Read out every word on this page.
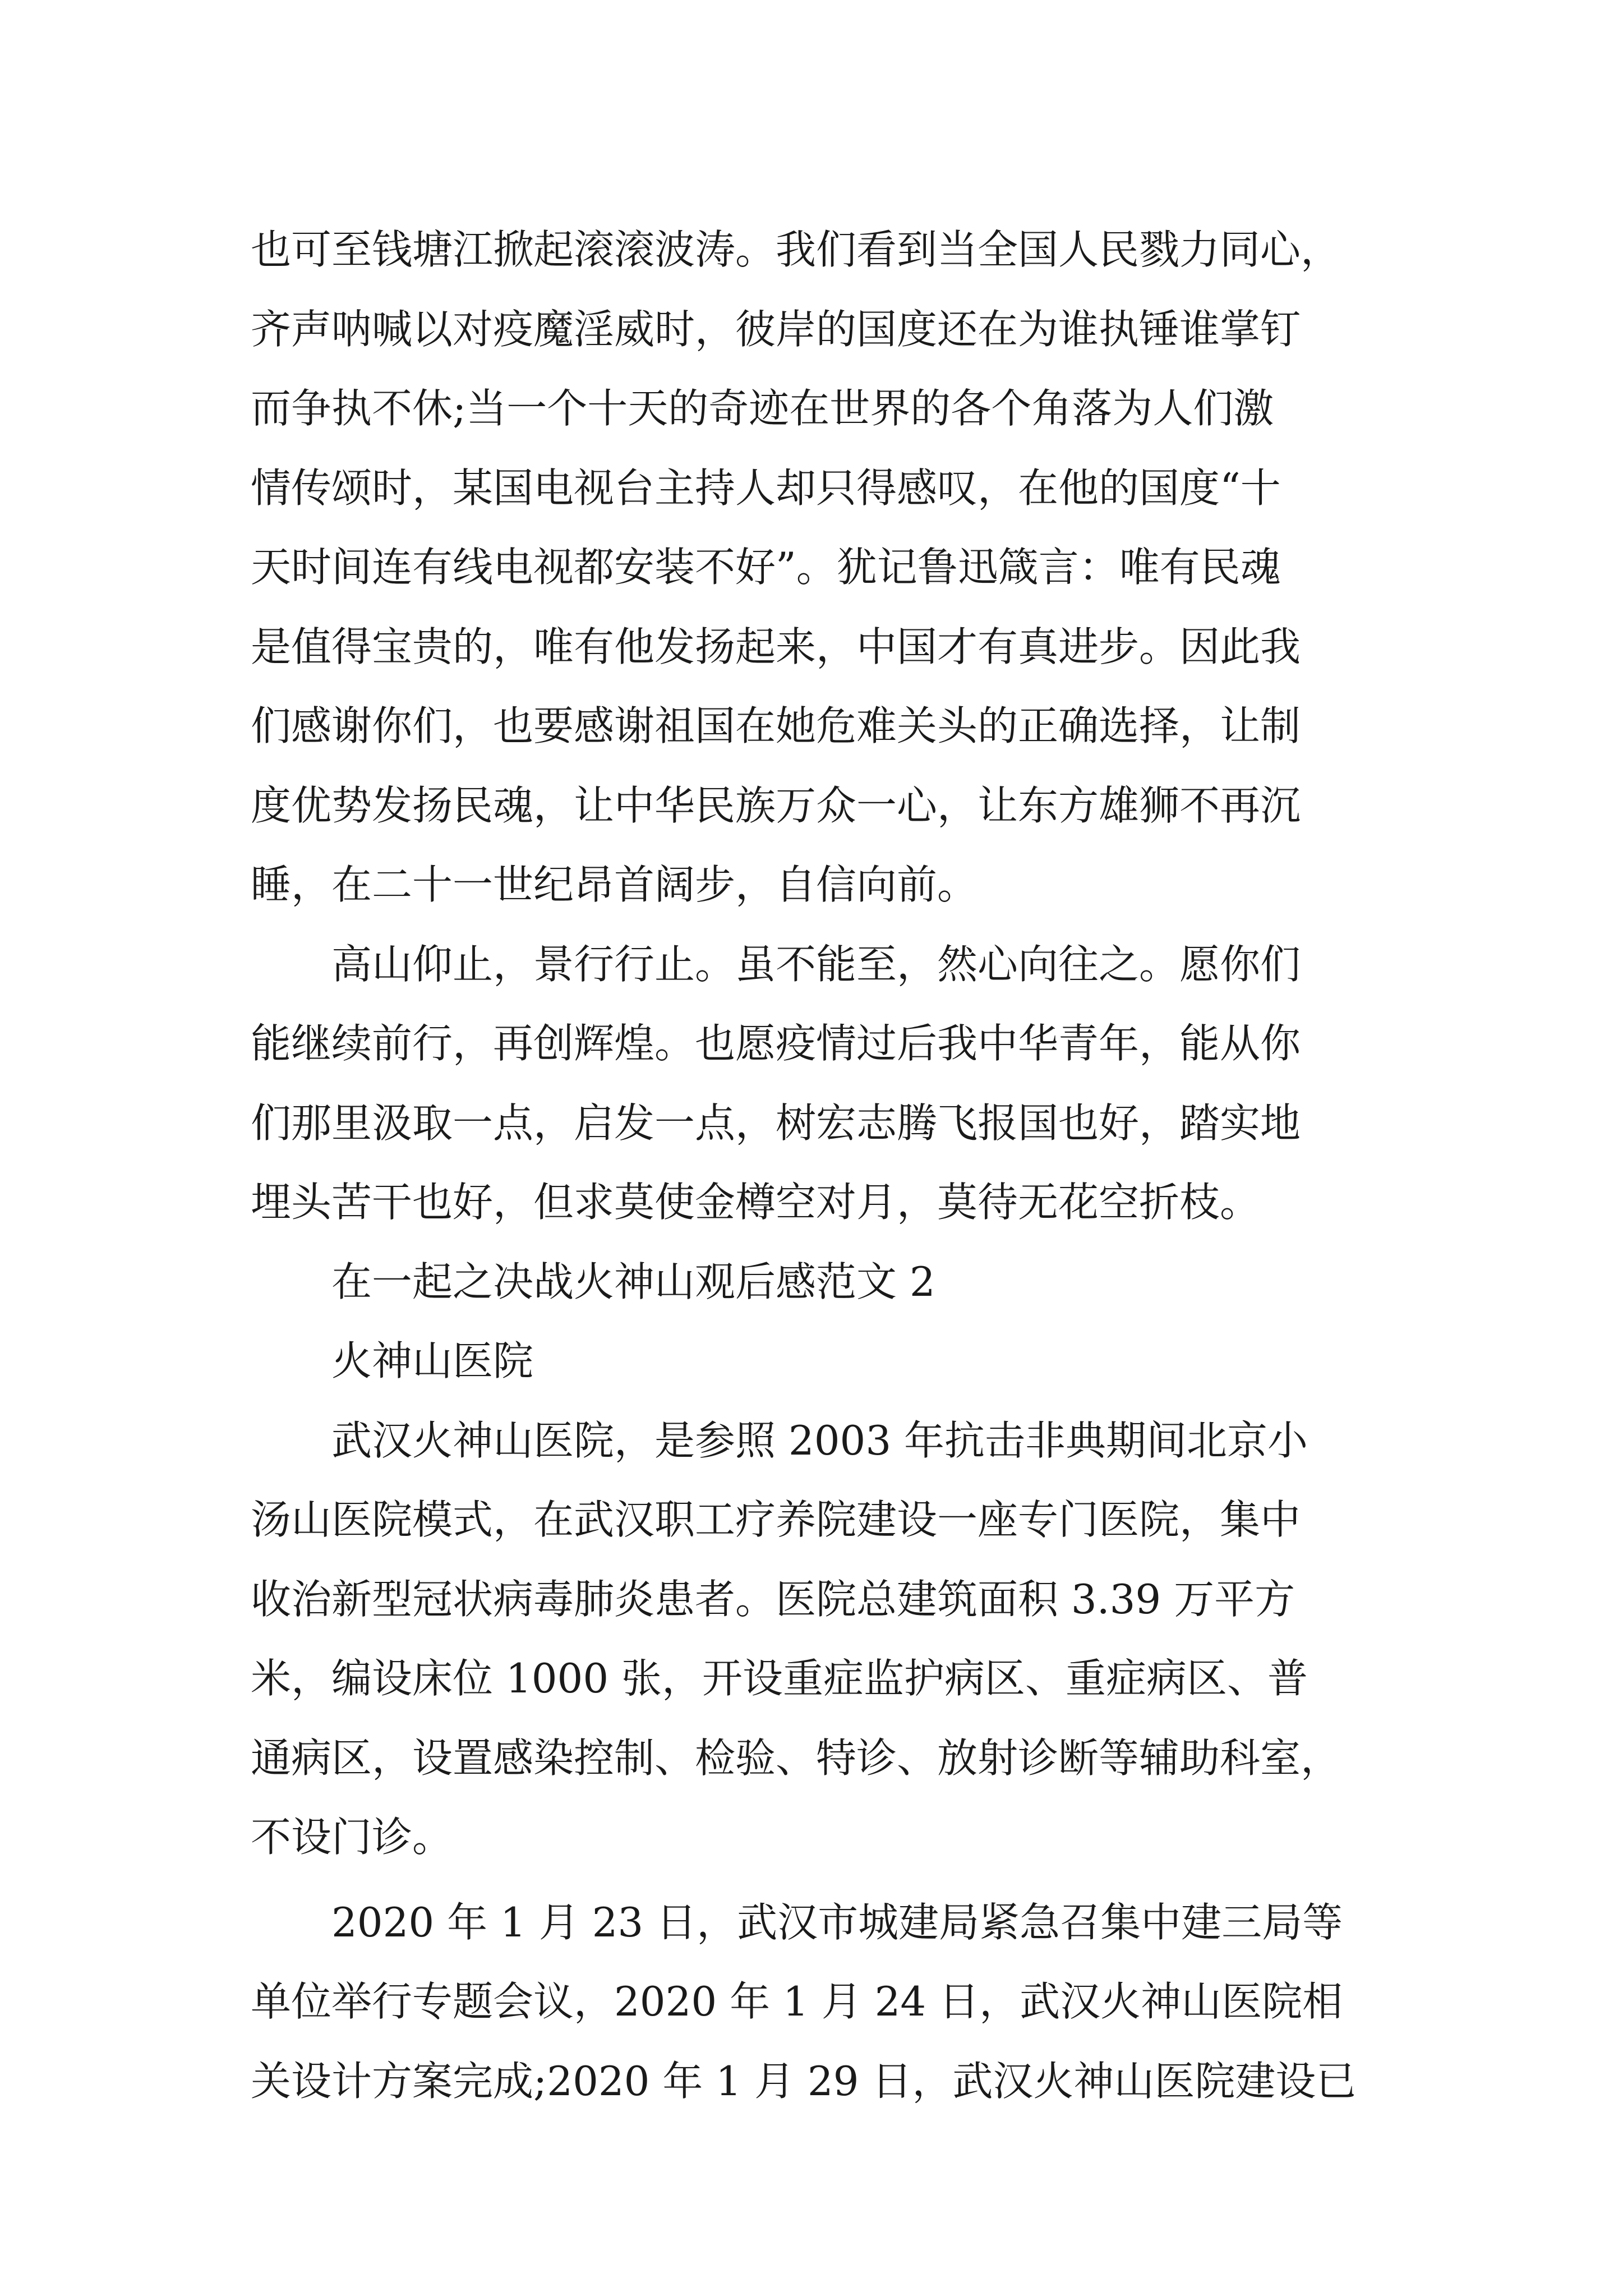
也可至钱塘江掀起滚滚波涛。我们看到当全国人民戮力同心，
齐声呐喊以对疫魔淫威时，彼岸的国度还在为谁执锤谁掌钉
而争执不休;当一个十天的奇迹在世界的各个角落为人们激
情传颂时，某国电视台主持人却只得感叹，在他的国度“十
天时间连有线电视都安装不好”。犹记鲁迅箴言：唯有民魂
是值得宝贵的，唯有他发扬起来，中国才有真进步。因此我
们感谢你们，也要感谢祖国在她危难关头的正确选择，让制
度优势发扬民魂，让中华民族万众一心，让东方雄狮不再沉
睡，在二十一世纪昂首阔步，自信向前。
高山仰止，景行行止。虽不能至，然心向往之。愿你们
能继续前行，再创辉煌。也愿疫情过后我中华青年，能从你
们那里汲取一点，启发一点，树宏志腾飞报国也好，踏实地
埋头苦干也好，但求莫使金樽空对月，莫待无花空折枝。
在一起之决战火神山观后感范文 2
火神山医院
武汉火神山医院，是参照 2003 年抗击非典期间北京小
汤山医院模式，在武汉职工疗养院建设一座专门医院，集中
收治新型冠状病毒肺炎患者。医院总建筑面积 3.39 万平方
米，编设床位 1000 张，开设重症监护病区、重症病区、普
通病区，设置感染控制、检验、特诊、放射诊断等辅助科室，
不设门诊。
2020 年 1 月 23 日，武汉市城建局紧急召集中建三局等
单位举行专题会议，2020 年 1 月 24 日，武汉火神山医院相
关设计方案完成;2020 年 1 月 29 日，武汉火神山医院建设已
